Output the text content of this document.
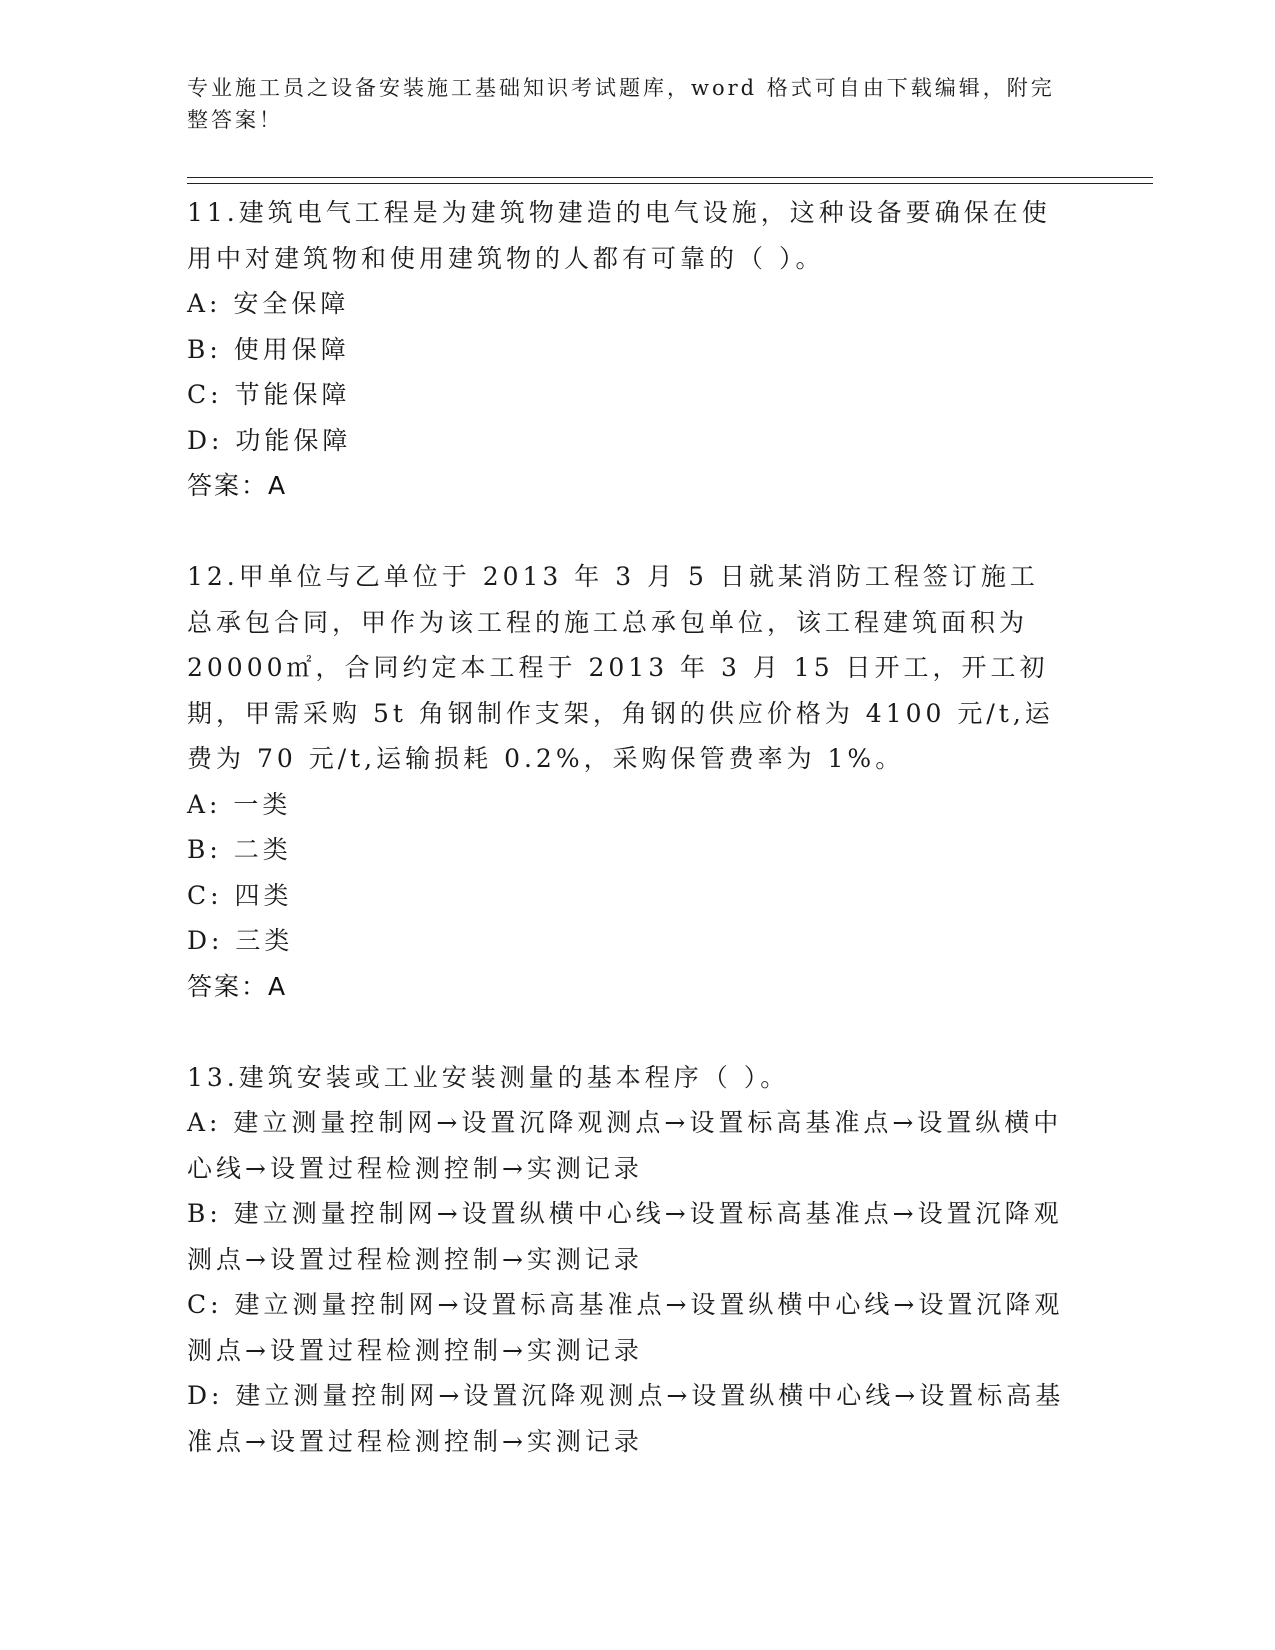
专业施工员之设备安装施工基础知识考试题库，word 格式可自由下载编辑，附完整答案！
11.建筑电气工程是为建筑物建造的电气设施，这种设备要确保在使用中对建筑物和使用建筑物的人都有可靠的（ ）。
A: 安全保障
B: 使用保障
C: 节能保障
D: 功能保障
答案：A
12.甲单位与乙单位于 2013 年 3 月 5 日就某消防工程签订施工总承包合同，甲作为该工程的施工总承包单位，该工程建筑面积为 20000㎡，合同约定本工程于 2013 年 3 月 15 日开工，开工初期，甲需采购 5t 角钢制作支架，角钢的供应价格为 4100 元/t,运费为 70 元/t,运输损耗 0.2%，采购保管费率为 1%。
A: 一类
B: 二类
C: 四类
D: 三类
答案：A
13.建筑安装或工业安装测量的基本程序（ ）。
A: 建立测量控制网→设置沉降观测点→设置标高基准点→设置纵横中心线→设置过程检测控制→实测记录
B: 建立测量控制网→设置纵横中心线→设置标高基准点→设置沉降观测点→设置过程检测控制→实测记录
C: 建立测量控制网→设置标高基准点→设置纵横中心线→设置沉降观测点→设置过程检测控制→实测记录
D: 建立测量控制网→设置沉降观测点→设置纵横中心线→设置标高基准点→设置过程检测控制→实测记录
